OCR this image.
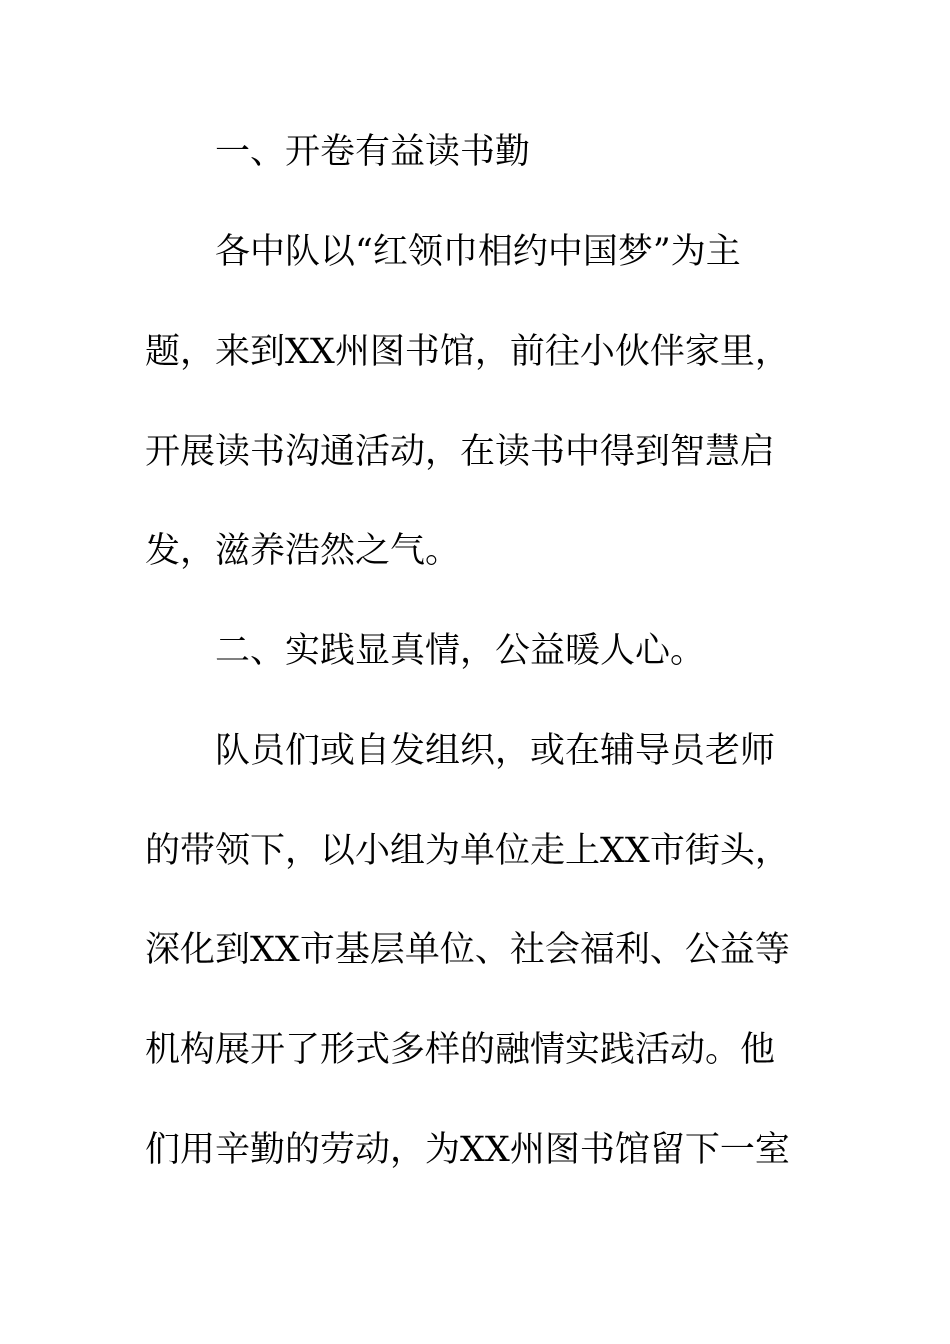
一、开卷有益读书勤
各中队以“红领巾相约中国梦”为主
题，来到XX州图书馆，前往小伙伴家里，
开展读书沟通活动，在读书中得到智慧启
发，滋养浩然之气。
二、实践显真情，公益暖人心。
队员们或自发组织，或在辅导员老师
的带领下，以小组为单位走上XX市街头，
深化到XX市基层单位、社会福利、公益等
机构展开了形式多样的融情实践活动。他
们用辛勤的劳动，为XX州图书馆留下一室
